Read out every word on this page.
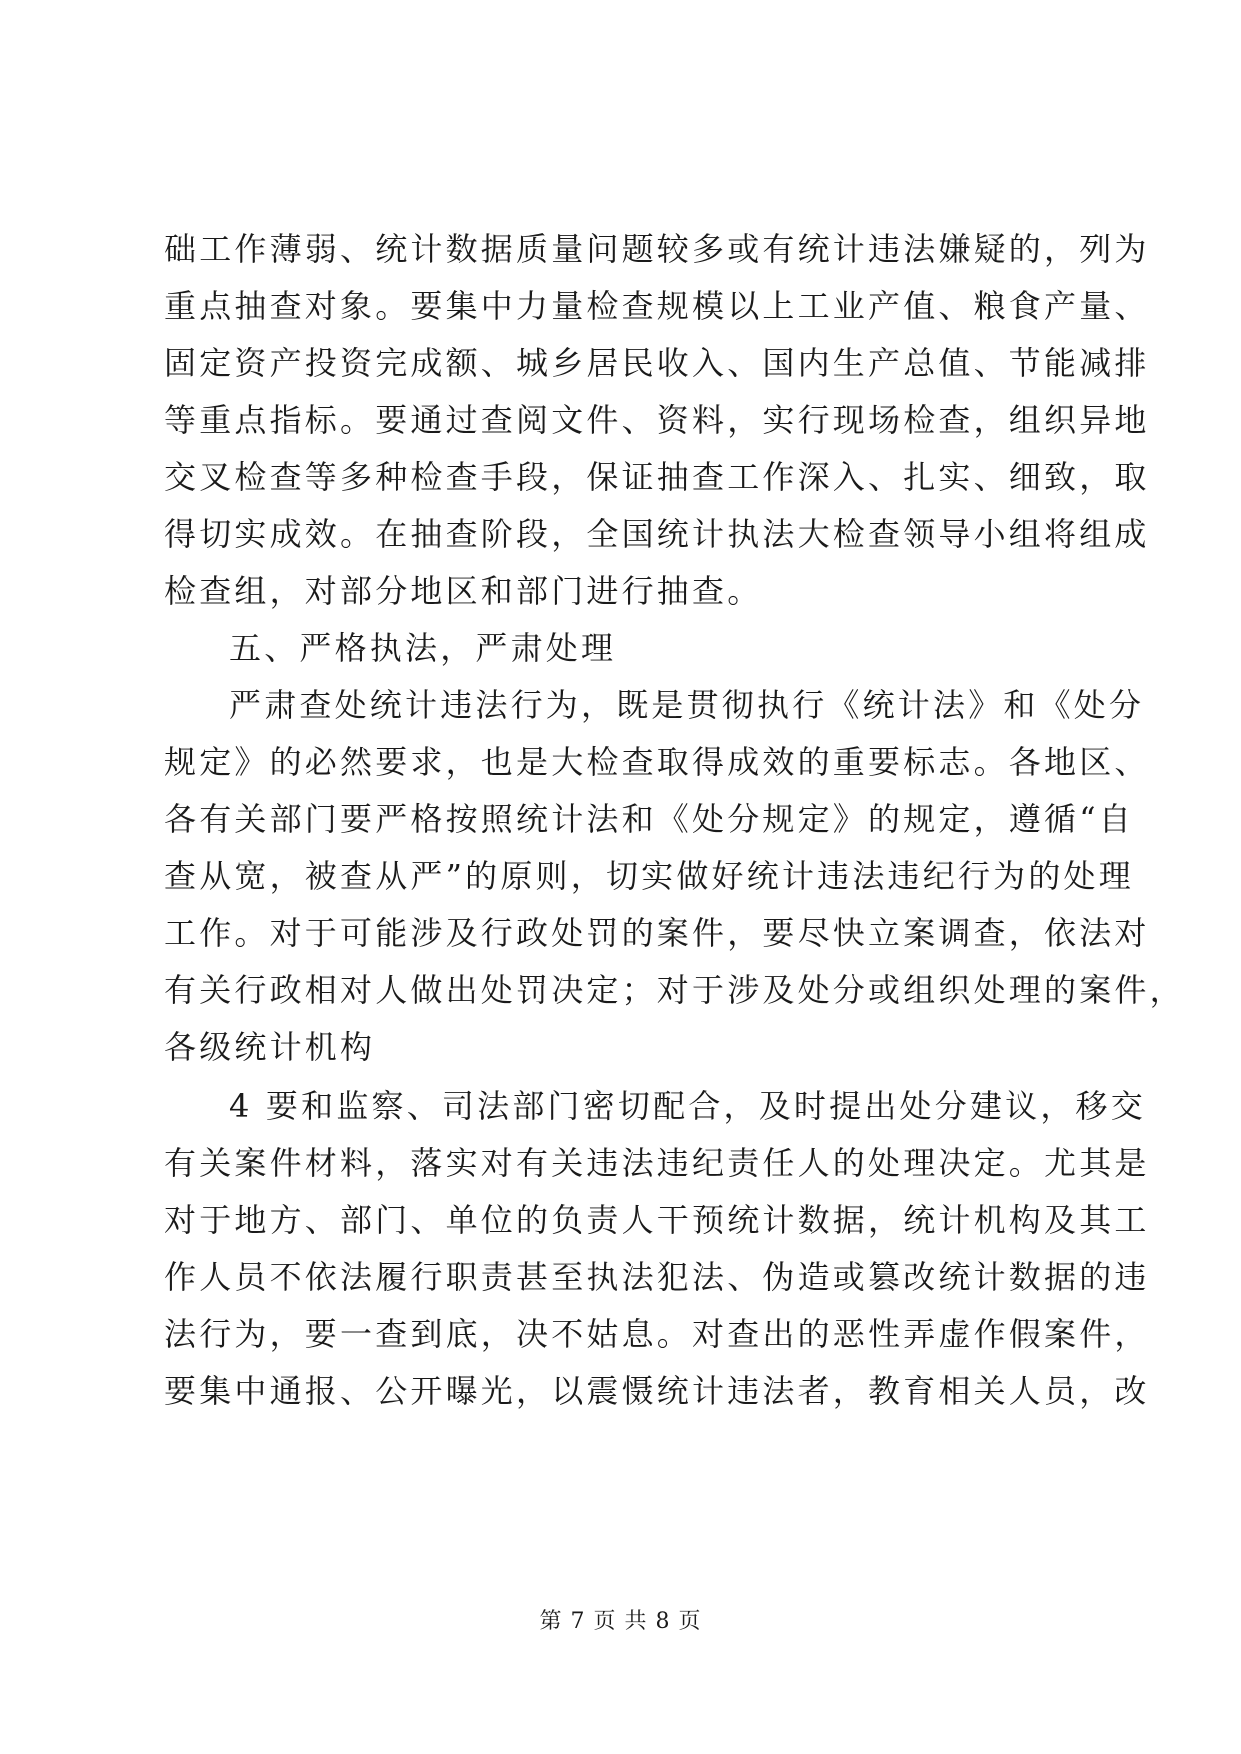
础工作薄弱、统计数据质量问题较多或有统计违法嫌疑的，列为
重点抽查对象。要集中力量检查规模以上工业产值、粮食产量、
固定资产投资完成额、城乡居民收入、国内生产总值、节能减排
等重点指标。要通过查阅文件、资料，实行现场检查，组织异地
交叉检查等多种检查手段，保证抽查工作深入、扎实、细致，取
得切实成效。在抽查阶段，全国统计执法大检查领导小组将组成
检查组，对部分地区和部门进行抽查。
五、严格执法，严肃处理
严肃查处统计违法行为，既是贯彻执行《统计法》和《处分
规定》的必然要求，也是大检查取得成效的重要标志。各地区、
各有关部门要严格按照统计法和《处分规定》的规定，遵循“自
查从宽，被查从严”的原则，切实做好统计违法违纪行为的处理
工作。对于可能涉及行政处罚的案件，要尽快立案调查，依法对
有关行政相对人做出处罚决定；对于涉及处分或组织处理的案件，
各级统计机构
4 要和监察、司法部门密切配合，及时提出处分建议，移交
有关案件材料，落实对有关违法违纪责任人的处理决定。尤其是
对于地方、部门、单位的负责人干预统计数据，统计机构及其工
作人员不依法履行职责甚至执法犯法、伪造或篡改统计数据的违
法行为，要一查到底，决不姑息。对查出的恶性弄虚作假案件，
要集中通报、公开曝光，以震慑统计违法者，教育相关人员，改
第 7 页 共 8 页
